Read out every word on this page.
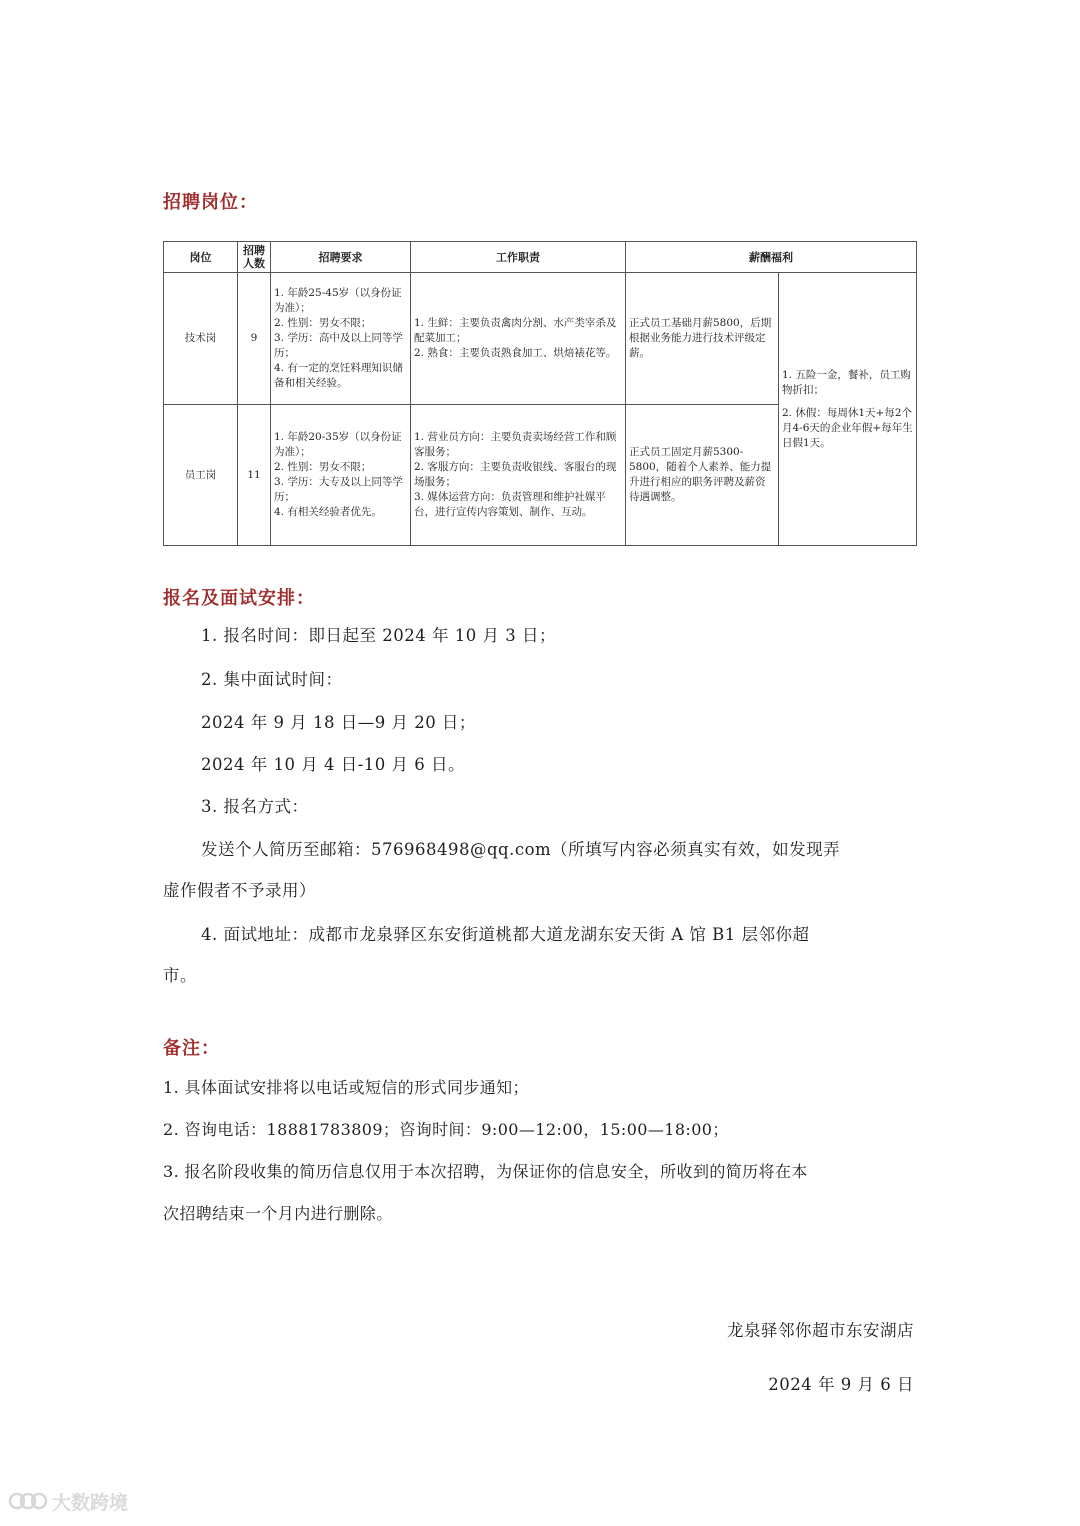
招聘岗位：
岗位	招聘人数	招聘要求	工作职责	薪酬福利	
技术岗	9	1. 年龄25-45岁（以身份证为准）；
2. 性别：男女不限；
3. 学历：高中及以上同等学历；
4. 有一定的烹饪料理知识储备和相关经验。	1. 生鲜：主要负责禽肉分割、水产类宰杀及配菜加工；
2. 熟食：主要负责熟食加工、烘焙裱花等。	正式员工基础月薪5800，后期根据业务能力进行技术评级定薪。	1. 五险一金，餐补，员工购物折扣；
2. 休假：每周休1天+每2个月4-6天的企业年假+每年生日假1天。

员工岗	11	1. 年龄20-35岁（以身份证为准）；
2. 性别：男女不限；
3. 学历：大专及以上同等学历；
4. 有相关经验者优先。	1. 营业员方向：主要负责卖场经营工作和顾客服务；
2. 客服方向：主要负责收银线、客服台的现场服务；
3. 媒体运营方向：负责管理和维护社媒平台，进行宣传内容策划、制作、互动。	正式员工固定月薪5300-5800，随着个人素养、能力提升进行相应的职务评聘及薪资待遇调整。	
报名及面试安排：
1. 报名时间：即日起至 2024 年 10 月 3 日；
2. 集中面试时间：
2024 年 9 月 18 日—9 月 20 日；
2024 年 10 月 4 日-10 月 6 日。
3. 报名方式：
发送个人简历至邮箱：576968498@qq.com（所填写内容必须真实有效，如发现弄
虚作假者不予录用）
4. 面试地址：成都市龙泉驿区东安街道桃都大道龙湖东安天街 A 馆 B1 层邻你超
市。
备注：
1. 具体面试安排将以电话或短信的形式同步通知；
2. 咨询电话：18881783809；咨询时间：9:00—12:00，15:00—18:00；
3. 报名阶段收集的简历信息仅用于本次招聘，为保证你的信息安全，所收到的简历将在本
次招聘结束一个月内进行删除。
龙泉驿邻你超市东安湖店
2024 年 9 月 6 日
大数跨境
